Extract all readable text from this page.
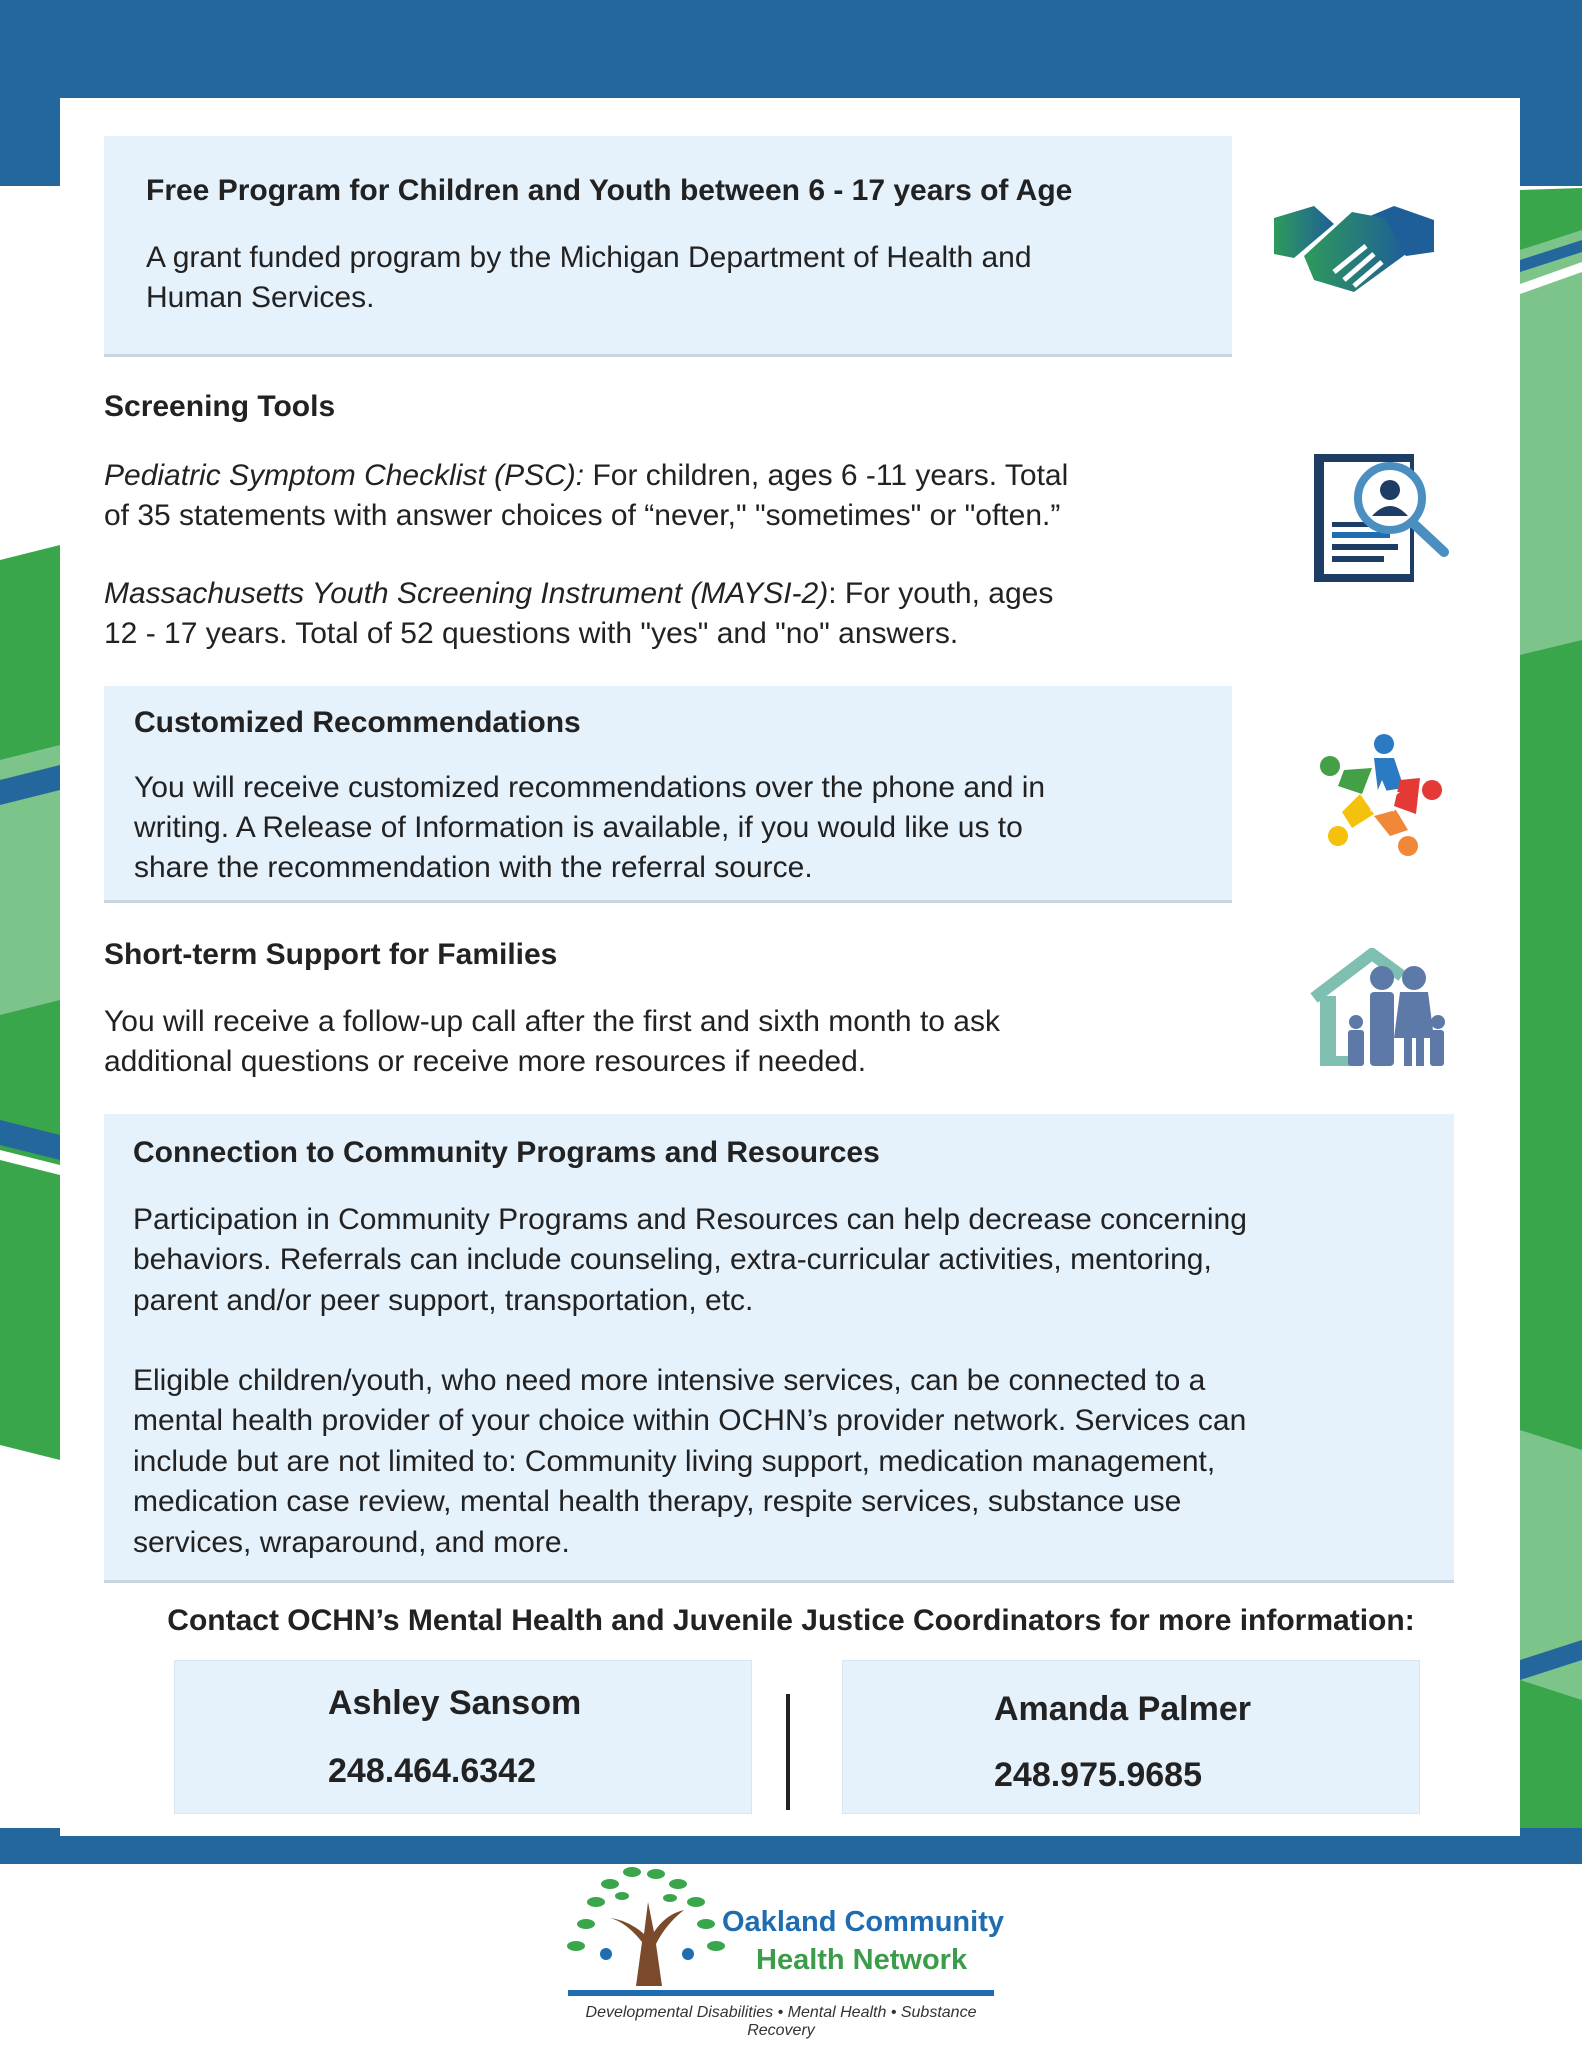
Free Program for Children and Youth between 6 - 17 years of Age
A grant funded program by the Michigan Department of Health and
Human Services.
Screening Tools
Pediatric Symptom Checklist (PSC): For children, ages 6 -11 years. Total
of 35 statements with answer choices of “never," "sometimes" or "often.”
Massachusetts Youth Screening Instrument (MAYSI-2): For youth, ages
12 - 17 years. Total of 52 questions with "yes" and "no" answers.
Customized Recommendations
You will receive customized recommendations over the phone and in
writing. A Release of Information is available, if you would like us to
share the recommendation with the referral source.
Short-term Support for Families
You will receive a follow-up call after the first and sixth month to ask
additional questions or receive more resources if needed.
Connection to Community Programs and Resources
Participation in Community Programs and Resources can help decrease concerning
behaviors. Referrals can include counseling, extra-curricular activities, mentoring,
parent and/or peer support, transportation, etc.
Eligible children/youth, who need more intensive services, can be connected to a
mental health provider of your choice within OCHN’s provider network. Services can
include but are not limited to: Community living support, medication management,
medication case review, mental health therapy, respite services, substance use
services, wraparound, and more.
Contact OCHN’s Mental Health and Juvenile Justice Coordinators for more information:
Ashley Sansom
248.464.6342
Amanda Palmer
248.975.9685
Oakland Community
Health Network
Developmental Disabilities • Mental Health • Substance Recovery
